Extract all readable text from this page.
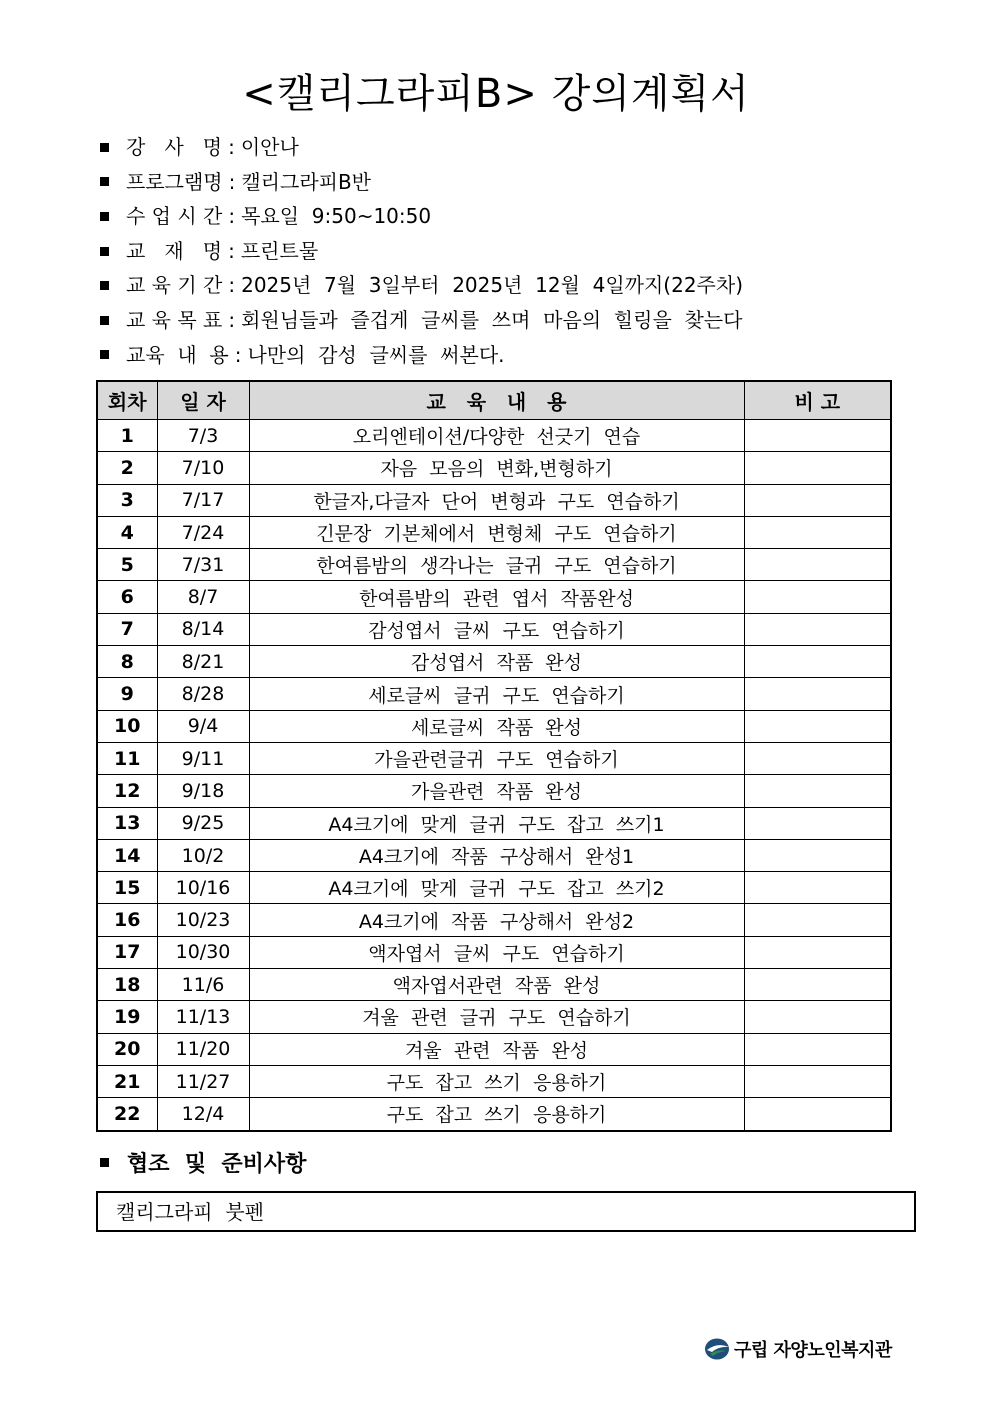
<캘리그라피B> 강의계획서
강   사   명 : 이안나
프로그램명 : 캘리그라피B반
수 업 시 간 : 목요일  9:50~10:50
교   재   명 : 프린트물
교 육 기 간 : 2025년  7월  3일부터  2025년  12월  4일까지(22주차)
교 육 목 표 : 회원님들과  즐겁게  글씨를  쓰며  마음의  힐링을  찾는다
교육  내  용 : 나만의  감성  글씨를  써본다.
회차	일 자	교   육   내   용	비 고
1	7/3	오리엔테이션/다양한  선긋기  연습	
2	7/10	자음  모음의  변화,변형하기	
3	7/17	한글자,다글자  단어  변형과  구도  연습하기	
4	7/24	긴문장  기본체에서  변형체  구도  연습하기	
5	7/31	한여름밤의  생각나는  글귀  구도  연습하기	
6	8/7	한여름밤의  관련  엽서  작품완성	
7	8/14	감성엽서  글씨  구도  연습하기	
8	8/21	감성엽서  작품  완성	
9	8/28	세로글씨  글귀  구도  연습하기	
10	9/4	세로글씨  작품  완성	
11	9/11	가을관련글귀  구도  연습하기	
12	9/18	가을관련  작품  완성	
13	9/25	A4크기에  맞게  글귀  구도  잡고  쓰기1	
14	10/2	A4크기에  작품  구상해서  완성1	
15	10/16	A4크기에  맞게  글귀  구도  잡고  쓰기2	
16	10/23	A4크기에  작품  구상해서  완성2	
17	10/30	액자엽서  글씨  구도  연습하기	
18	11/6	액자엽서관련  작품  완성	
19	11/13	겨울  관련  글귀  구도  연습하기	
20	11/20	겨울  관련  작품  완성	
21	11/27	구도  잡고  쓰기  응용하기	
22	12/4	구도  잡고  쓰기  응용하기	
협조  및  준비사항
캘리그라피  붓펜
구립 자양노인복지관
